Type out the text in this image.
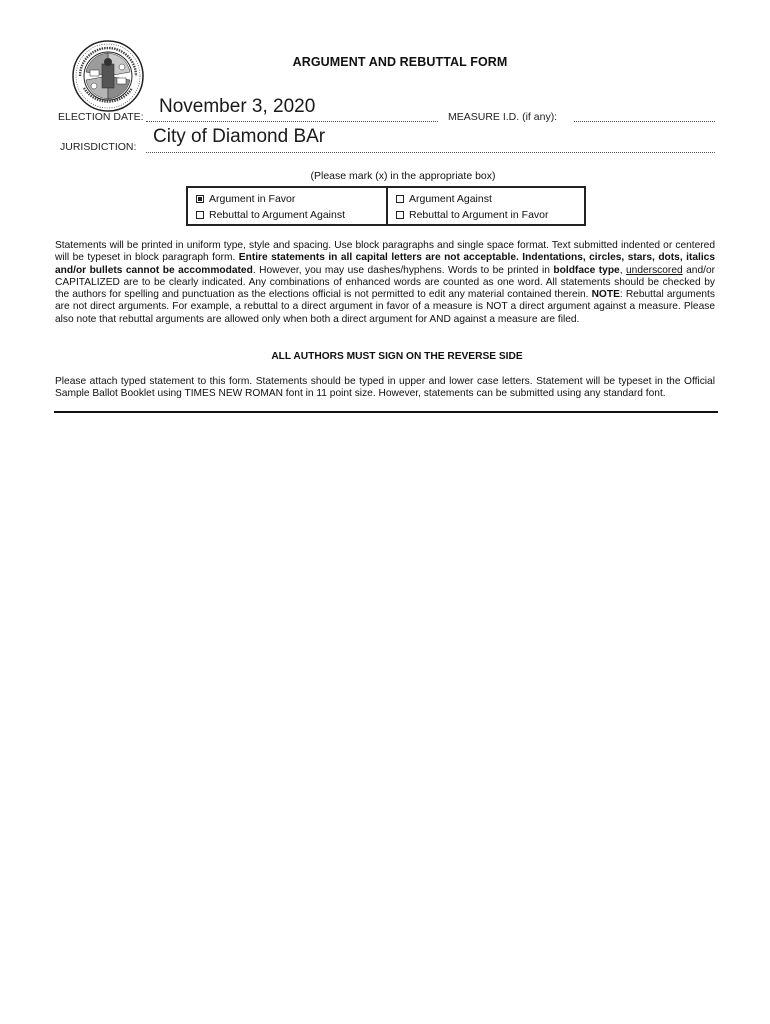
ARGUMENT AND REBUTTAL FORM
ELECTION DATE: November 3, 2020	MEASURE I.D. (if any):
JURISDICTION: City of Diamond BAr
(Please mark (x) in the appropriate box)
Argument in Favor	Argument Against
Rebuttal to Argument Against	Rebuttal to Argument in Favor
Statements will be printed in uniform type, style and spacing. Use block paragraphs and single space format. Text submitted indented or centered will be typeset in block paragraph form. Entire statements in all capital letters are not acceptable. Indentations, circles, stars, dots, italics and/or bullets cannot be accommodated. However, you may use dashes/hyphens. Words to be printed in boldface type, underscored and/or CAPITALIZED are to be clearly indicated. Any combinations of enhanced words are counted as one word. All statements should be checked by the authors for spelling and punctuation as the elections official is not permitted to edit any material contained therein. NOTE: Rebuttal arguments are not direct arguments. For example, a rebuttal to a direct argument in favor of a measure is NOT a direct argument against a measure. Please also note that rebuttal arguments are allowed only when both a direct argument for AND against a measure are filed.
ALL AUTHORS MUST SIGN ON THE REVERSE SIDE
Please attach typed statement to this form. Statements should be typed in upper and lower case letters. Statement will be typeset in the Official Sample Ballot Booklet using TIMES NEW ROMAN font in 11 point size. However, statements can be submitted using any standard font.
